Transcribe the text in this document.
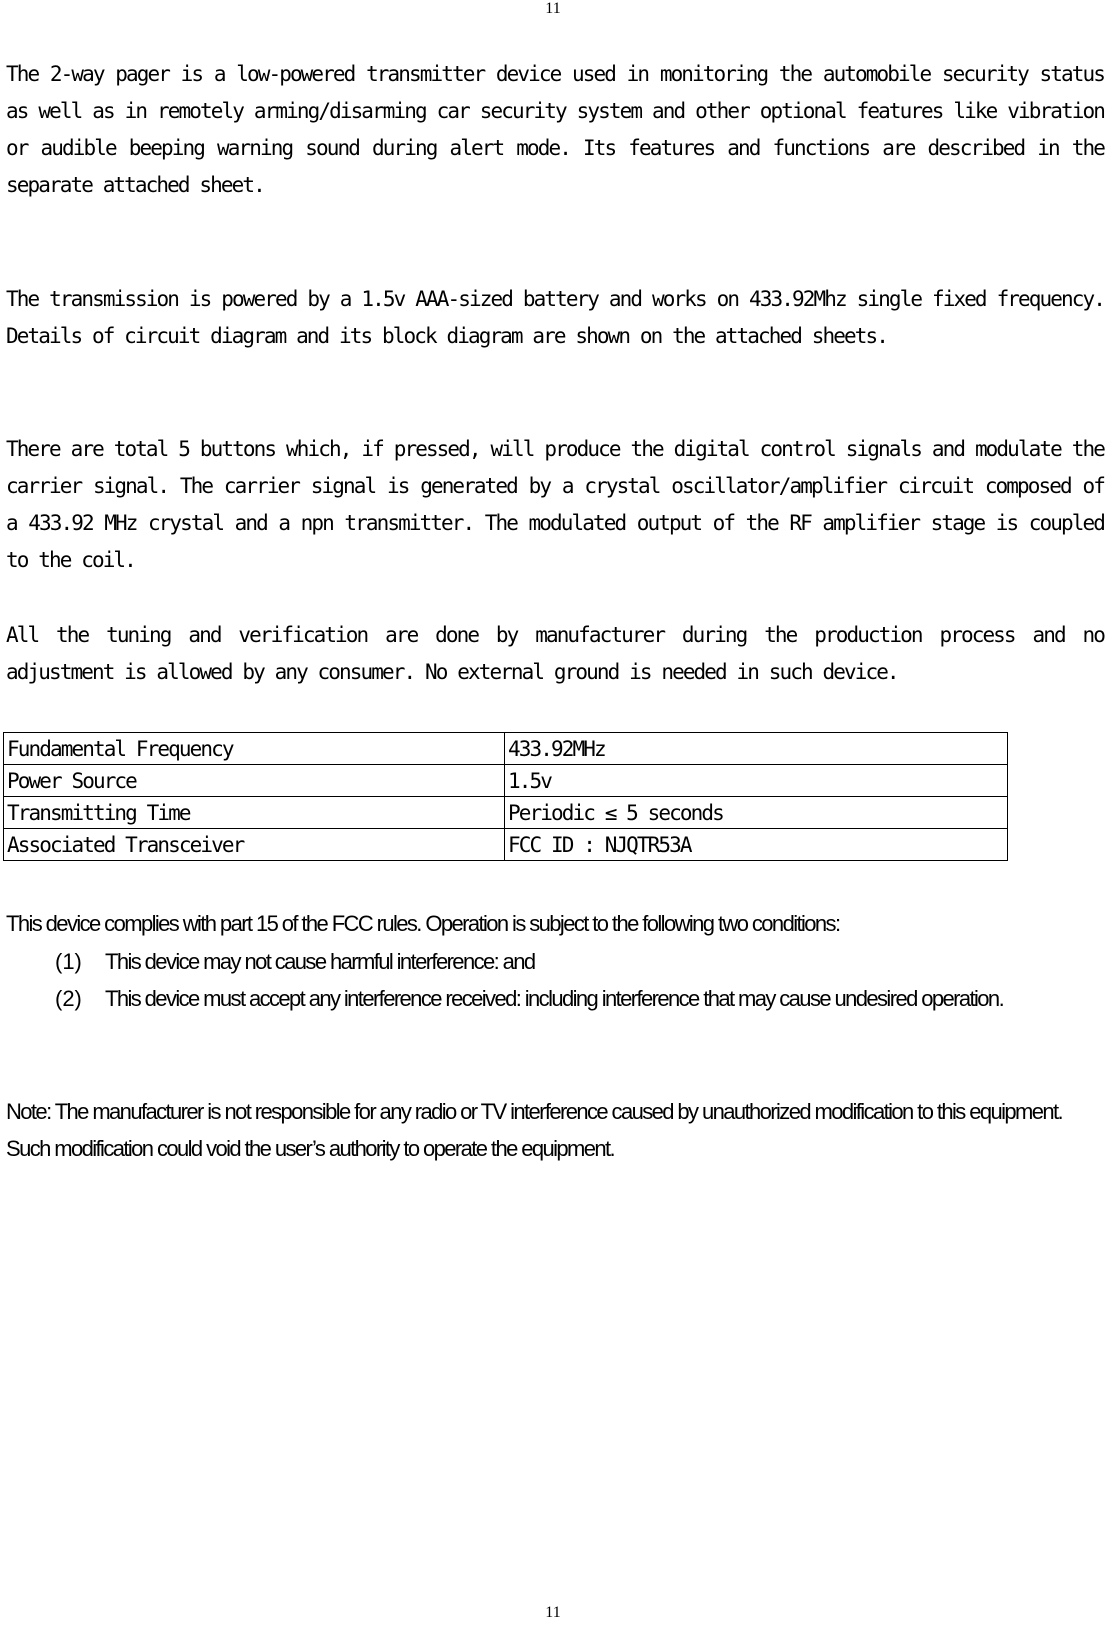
11

The 2-way pager is a low-powered transmitter device used in monitoring the automobile security status as well as in remotely arming/disarming car security system and other optional features like vibration or audible beeping warning sound during alert mode. Its features and functions are described in the separate attached sheet.

The transmission is powered by a 1.5v AAA-sized battery and works on 433.92Mhz single fixed frequency. Details of circuit diagram and its block diagram are shown on the attached sheets.

There are total 5 buttons which, if pressed, will produce the digital control signals and modulate the carrier signal. The carrier signal is generated by a crystal oscillator/amplifier circuit composed of a 433.92 MHz crystal and a npn transmitter. The modulated output of the RF amplifier stage is coupled to the coil.

All the tuning and verification are done by manufacturer during the production process and no adjustment is allowed by any consumer. No external ground is needed in such device.

Fundamental Frequency	433.92MHz
Power Source	1.5v
Transmitting Time	Periodic ≤ 5 seconds
Associated Transceiver	FCC ID : NJQTR53A

This device complies with part 15 of the FCC rules. Operation is subject to the following two conditions:

(1) This device may not cause harmful interference: and

(2) This device must accept any interference received: including interference that may cause undesired operation.

Note: The manufacturer is not responsible for any radio or TV interference caused by unauthorized modification to this equipment. Such modification could void the user’s authority to operate the equipment.

11
